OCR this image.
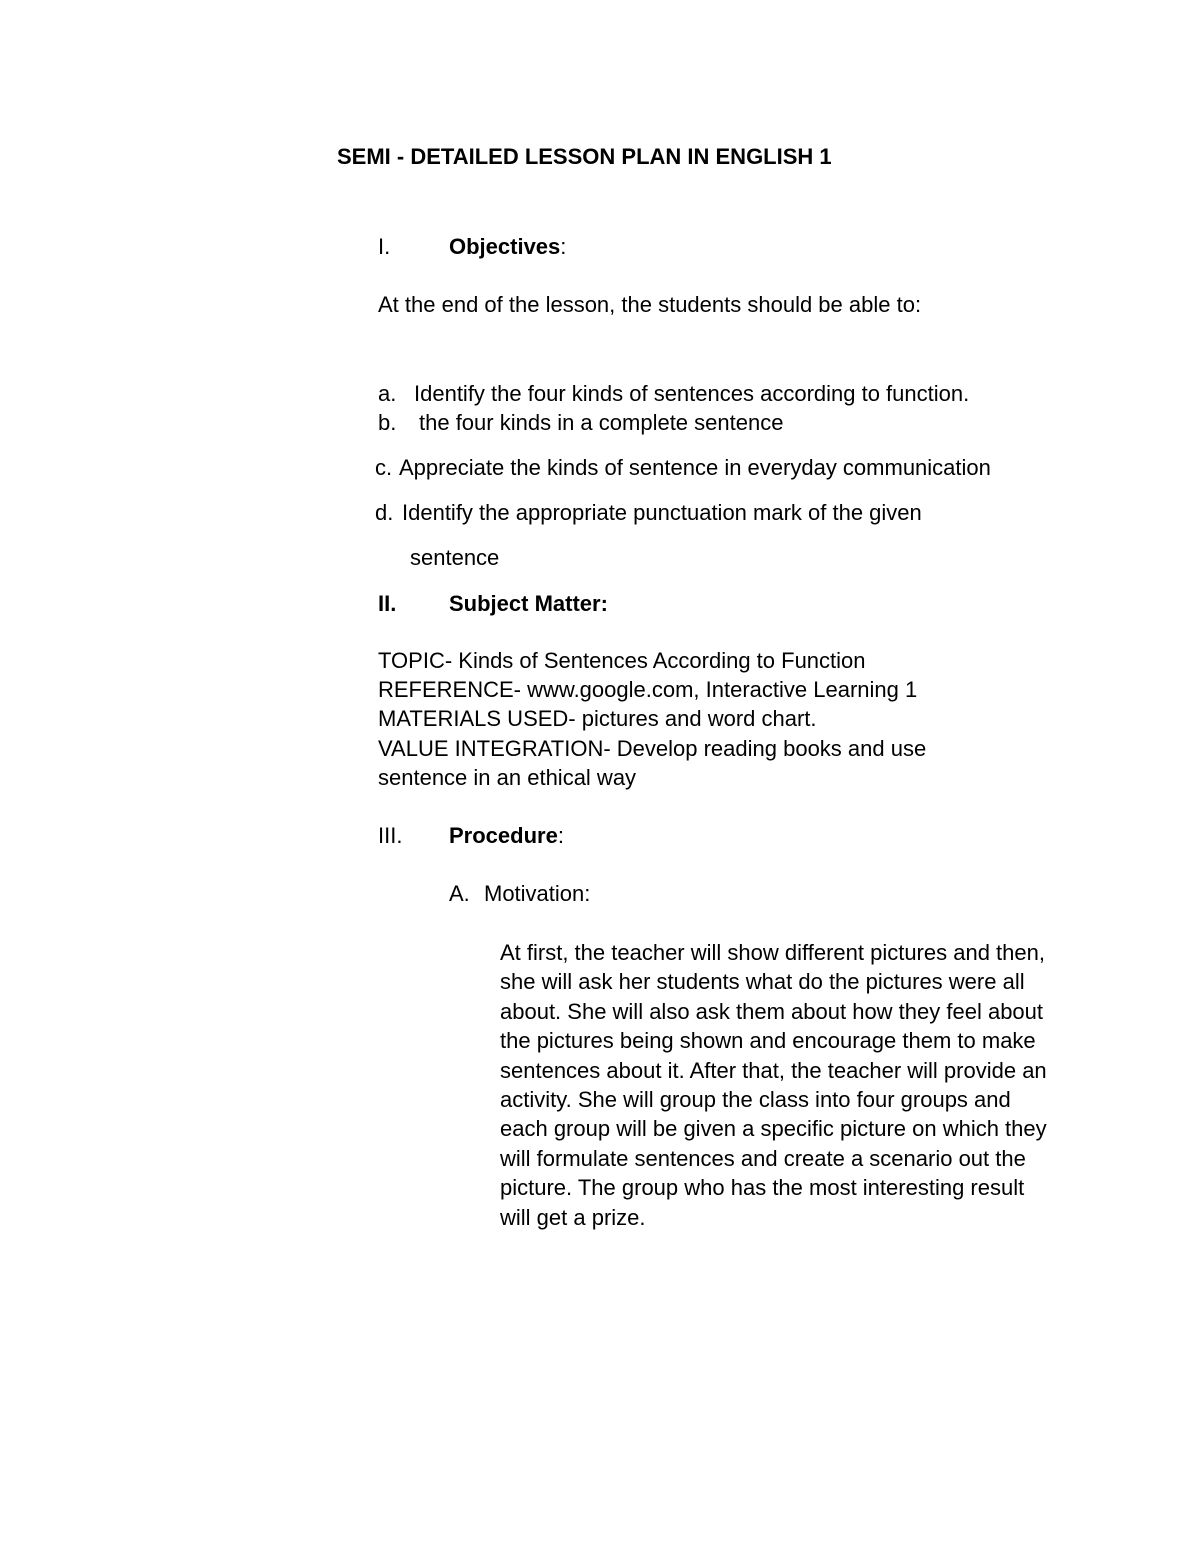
SEMI - DETAILED LESSON PLAN IN ENGLISH 1
I.	Objectives:
At the end of the lesson, the students should be able to:
a. Identify the four kinds of sentences according to function.
b. the four kinds in a complete sentence
c. Appreciate the kinds of sentence in everyday communication
d. Identify the appropriate punctuation mark of the given
sentence
II. Subject Matter:
TOPIC- Kinds of Sentences According to Function
REFERENCE- www.google.com, Interactive Learning 1
MATERIALS USED- pictures and word chart.
VALUE INTEGRATION- Develop reading books and use
sentence in an ethical way
III. Procedure:
A. Motivation:
At first, the teacher will show different pictures and then, she will ask her students what do the pictures were all about. She will also ask them about how they feel about the pictures being shown and encourage them to make sentences about it. After that, the teacher will provide an activity. She will group the class into four groups and each group will be given a specific picture on which they will formulate sentences and create a scenario out the picture. The group who has the most interesting result will get a prize.
